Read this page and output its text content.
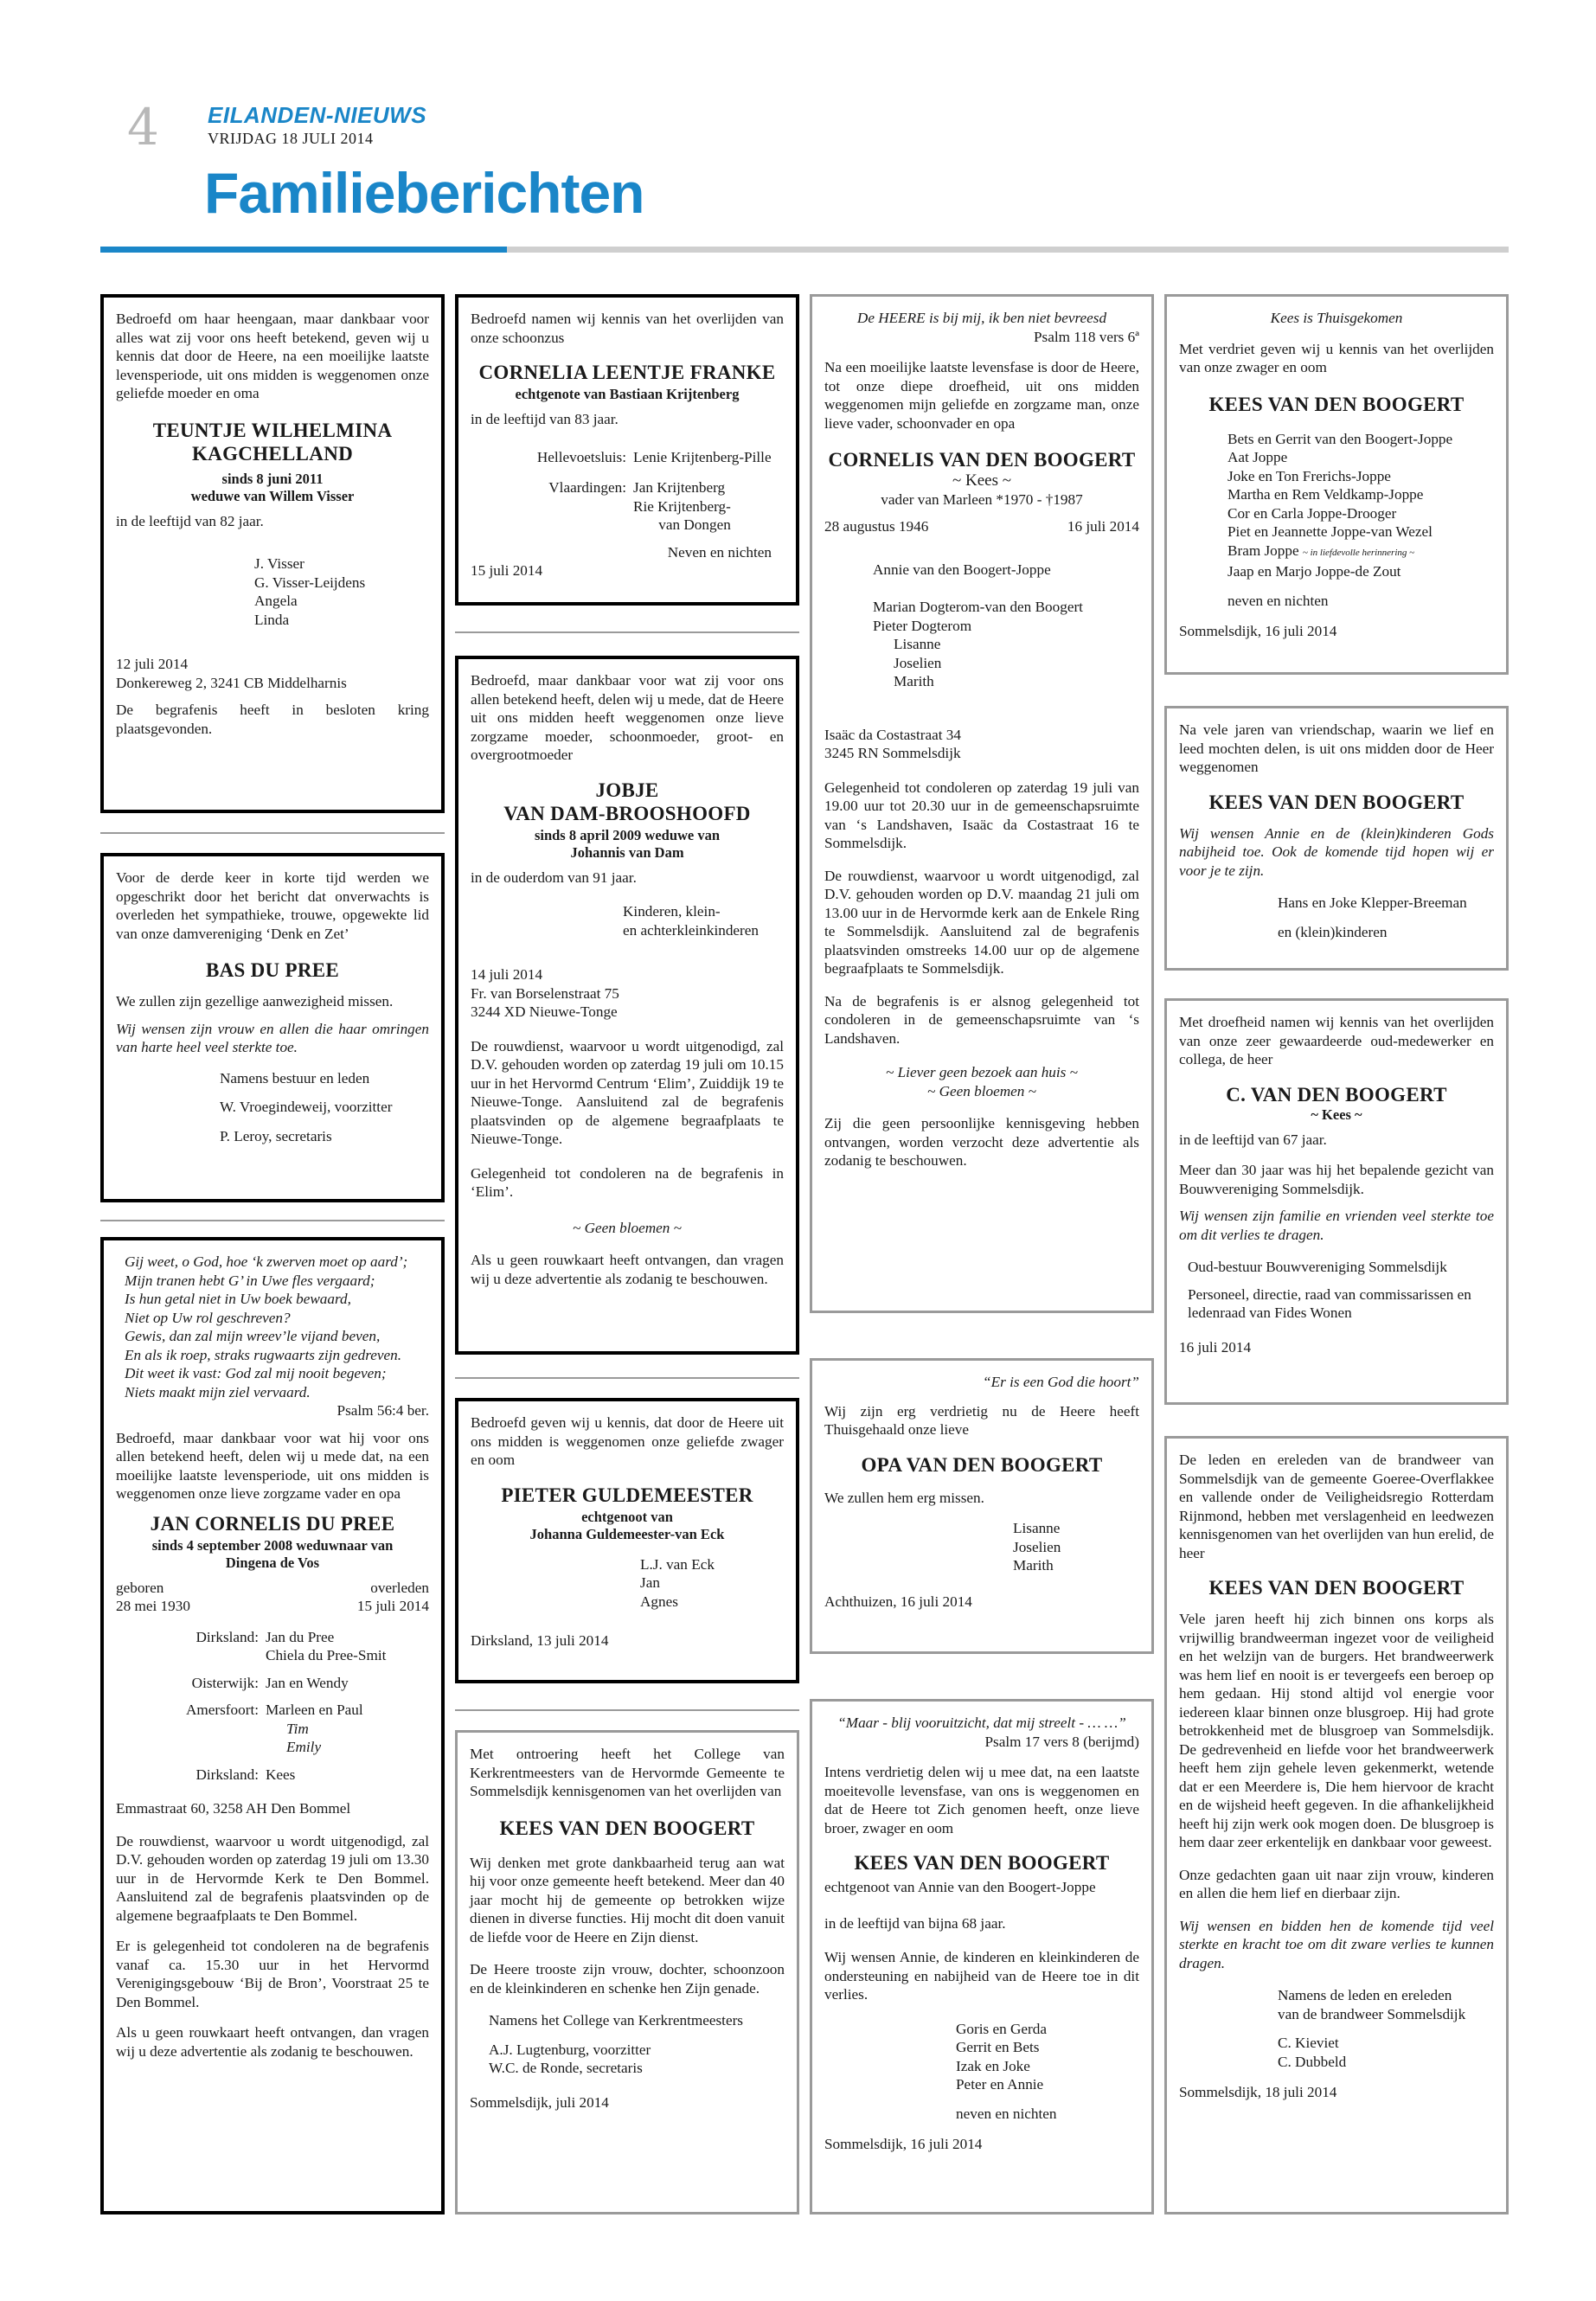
4 EILANDEN-NIEUWS
VRIJDAG 18 JULI 2014
Familieberichten

Bedroefd om haar heengaan, maar dankbaar voor alles wat zij voor ons heeft betekend, geven wij u kennis dat door de Heere, na een moeilijke laatste levensperiode, uit ons midden is weggenomen onze geliefde moeder en oma

TEUNTJE WILHELMINA
KAGCHELLAND
sinds 8 juni 2011
weduwe van Willem Visser

in de leeftijd van 82 jaar.

J. Visser
G. Visser-Leijdens
Angela
Linda
12 juli 2014

Donkereweg 2, 3241 CB Middelharnis

De begrafenis heeft in besloten kring plaatsgevonden.

Voor de derde keer in korte tijd werden we opgeschrikt door het bericht dat onverwachts is overleden het sympathieke, trouwe, opgewekte lid van onze damvereniging ‘Denk en Zet’

BAS DU PREE

We zullen zijn gezellige aanwezigheid missen.

Wij wensen zijn vrouw en allen die haar omringen van harte heel veel sterkte toe.

Namens bestuur en leden
W. Vroegindeweij, voorzitter
P. Leroy, secretaris
Gij weet, o God, hoe ‘k zwerven moet op aard’;
Mijn tranen hebt G’ in Uwe fles vergaard;
Is hun getal niet in Uw boek bewaard,
Niet op Uw rol geschreven?
Gewis, dan zal mijn wreev’le vijand beven,
En als ik roep, straks rugwaarts zijn gedreven.
Dit weet ik vast: God zal mij nooit begeven;
Niets maakt mijn ziel vervaard.

Psalm 56:4 ber.

Bedroefd, maar dankbaar voor wat hij voor ons allen betekend heeft, delen wij u mede dat, na een moeilijke laatste levensperiode, uit ons midden is weggenomen onze lieve zorgzame vader en opa

JAN CORNELIS DU PREE
sinds 4 september 2008 weduwnaar van
Dingena de Vos
geboren	overleden
28 mei 1930	15 juli 2014
Dirksland: Jan du Pree
Chiela du Pree-Smit
Oisterwijk: Jan en Wendy
Amersfoort: Marleen en Paul
Tim
Emily
Dirksland: Kees

Emmastraat 60, 3258 AH Den Bommel

De rouwdienst, waarvoor u wordt uitgenodigd, zal D.V. gehouden worden op zaterdag 19 juli om 13.30 uur in de Hervormde Kerk te Den Bommel. Aansluitend zal de begrafenis plaatsvinden op de algemene begraafplaats te Den Bommel.

Er is gelegenheid tot condoleren na de begrafenis vanaf ca. 15.30 uur in het Hervormd Verenigingsgebouw ‘Bij de Bron’, Voorstraat 25 te Den Bommel.

Als u geen rouwkaart heeft ontvangen, dan vragen wij u deze advertentie als zodanig te beschouwen.

Bedroefd namen wij kennis van het overlijden van onze schoonzus

CORNELIA LEENTJE FRANKE
echtgenote van Bastiaan Krijtenberg

in de leeftijd van 83 jaar.

Hellevoetsluis: Lenie Krijtenberg-Pille
Vlaardingen: Jan Krijtenberg
Rie Krijtenberg-
van Dongen
Neven en nichten
15 juli 2014

Bedroefd, maar dankbaar voor wat zij voor ons allen betekend heeft, delen wij u mede, dat de Heere uit ons midden heeft weggenomen onze lieve zorgzame moeder, schoonmoeder, groot- en overgrootmoeder

JOBJE
VAN DAM-BROOSHOOFD
sinds 8 april 2009 weduwe van
Johannis van Dam

in de ouderdom van 91 jaar.

Kinderen, klein-
en achterkleinkinderen
14 juli 2014
Fr. van Borselenstraat 75

3244 XD Nieuwe-Tonge

De rouwdienst, waarvoor u wordt uitgenodigd, zal D.V. gehouden worden op zaterdag 19 juli om 10.15 uur in het Hervormd Centrum ‘Elim’, Zuiddijk 19 te Nieuwe-Tonge. Aansluitend zal de begrafenis plaatsvinden op de algemene begraafplaats te Nieuwe-Tonge.

Gelegenheid tot condoleren na de begrafenis in ‘Elim’.

~ Geen bloemen ~

Als u geen rouwkaart heeft ontvangen, dan vragen wij u deze advertentie als zodanig te beschouwen.

Bedroefd geven wij u kennis, dat door de Heere uit ons midden is weggenomen onze geliefde zwager en oom

PIETER GULDEMEESTER
echtgenoot van
Johanna Guldemeester-van Eck
L.J. van Eck
Jan
Agnes
Dirksland, 13 juli 2014

Met ontroering heeft het College van Kerkrentmeesters van de Hervormde Gemeente te Sommelsdijk kennisgenomen van het overlijden van

KEES VAN DEN BOOGERT

Wij denken met grote dankbaarheid terug aan wat hij voor onze gemeente heeft betekend. Meer dan 40 jaar mocht hij de gemeente op betrokken wijze dienen in diverse functies. Hij mocht dit doen vanuit de liefde voor de Heere en Zijn dienst.

De Heere trooste zijn vrouw, dochter, schoonzoon en de kleinkinderen en schenke hen Zijn genade.

Namens het College van Kerkrentmeesters
A.J. Lugtenburg, voorzitter
W.C. de Ronde, secretaris
Sommelsdijk, juli 2014

De HEERE is bij mij, ik ben niet bevreesd

Psalm 118 vers 6ª

Na een moeilijke laatste levensfase is door de Heere, tot onze diepe droefheid, uit ons midden weggenomen mijn geliefde en zorgzame man, onze lieve vader, schoonvader en opa

CORNELIS VAN DEN BOOGERT

~ Kees ~

vader van Marleen *1970 - †1987

28 augustus 1946	16 juli 2014
Annie van den Boogert-Joppe
Marian Dogterom-van den Boogert
Pieter Dogterom
Lisanne
Joselien
Marith
Isaäc da Costastraat 34

3245 RN Sommelsdijk

Gelegenheid tot condoleren op zaterdag 19 juli van 19.00 uur tot 20.30 uur in de gemeenschapsruimte van ‘s Landshaven, Isaäc da Costastraat 16 te Sommelsdijk.

De rouwdienst, waarvoor u wordt uitgenodigd, zal D.V. gehouden worden op D.V. maandag 21 juli om 13.00 uur in de Hervormde kerk aan de Enkele Ring te Sommelsdijk. Aansluitend zal de begrafenis plaatsvinden omstreeks 14.00 uur op de algemene begraafplaats te Sommelsdijk.

Na de begrafenis is er alsnog gelegenheid tot condoleren in de gemeenschapsruimte van ‘s Landshaven.

~ Liever geen bezoek aan huis ~

~ Geen bloemen ~

Zij die geen persoonlijke kennisgeving hebben ontvangen, worden verzocht deze advertentie als zodanig te beschouwen.

“Er is een God die hoort”

Wij zijn erg verdrietig nu de Heere heeft Thuisgehaald onze lieve

OPA VAN DEN BOOGERT

We zullen hem erg missen.

Lisanne
Joselien
Marith
Achthuizen, 16 juli 2014

“Maar - blij vooruitzicht, dat mij streelt - … …”

Psalm 17 vers 8 (berijmd)

Intens verdrietig delen wij u mee dat, na een laatste moeitevolle levensfase, van ons is weggenomen en dat de Heere tot Zich genomen heeft, onze lieve broer, zwager en oom

KEES VAN DEN BOOGERT

echtgenoot van Annie van den Boogert-Joppe

in de leeftijd van bijna 68 jaar.

Wij wensen Annie, de kinderen en kleinkinderen de ondersteuning en nabijheid van de Heere toe in dit verlies.

Goris en Gerda
Gerrit en Bets
Izak en Joke
Peter en Annie
neven en nichten
Sommelsdijk, 16 juli 2014

Kees is Thuisgekomen

Met verdriet geven wij u kennis van het overlijden van onze zwager en oom

KEES VAN DEN BOOGERT
Bets en Gerrit van den Boogert-Joppe
Aat Joppe
Joke en Ton Frerichs-Joppe
Martha en Rem Veldkamp-Joppe
Cor en Carla Joppe-Drooger
Piet en Jeannette Joppe-van Wezel
Bram Joppe ~ in liefdevolle herinnering ~
Jaap en Marjo Joppe-de Zout
neven en nichten
Sommelsdijk, 16 juli 2014

Na vele jaren van vriendschap, waarin we lief en leed mochten delen, is uit ons midden door de Heer weggenomen

KEES VAN DEN BOOGERT

Wij wensen Annie en de (klein)kinderen Gods nabijheid toe. Ook de komende tijd hopen wij er voor je te zijn.

Hans en Joke Klepper-Breeman
en (klein)kinderen

Met droefheid namen wij kennis van het overlijden van onze zeer gewaardeerde oud-medewerker en collega, de heer

C. VAN DEN BOOGERT
~ Kees ~

in de leeftijd van 67 jaar.

Meer dan 30 jaar was hij het bepalende gezicht van Bouwvereniging Sommelsdijk.

Wij wensen zijn familie en vrienden veel sterkte toe om dit verlies te dragen.

Oud-bestuur Bouwvereniging Sommelsdijk

Personeel, directie, raad van commissarissen en ledenraad van Fides Wonen

16 juli 2014

De leden en ereleden van de brandweer van Sommelsdijk van de gemeente Goeree-Overflakkee en vallende onder de Veiligheidsregio Rotterdam Rijnmond, hebben met verslagenheid en leedwezen kennisgenomen van het overlijden van hun erelid, de heer

KEES VAN DEN BOOGERT

Vele jaren heeft hij zich binnen ons korps als vrijwillig brandweerman ingezet voor de veiligheid en het welzijn van de burgers. Het brandweerwerk was hem lief en nooit is er tevergeefs een beroep op hem gedaan. Hij stond altijd vol energie voor iedereen klaar binnen onze blusgroep. Hij had grote betrokkenheid met de blusgroep van Sommelsdijk. De gedrevenheid en liefde voor het brandweerwerk heeft hem zijn gehele leven gekenmerkt, wetende dat er een Meerdere is, Die hem hiervoor de kracht en de wijsheid heeft gegeven. In die afhankelijkheid heeft hij zijn werk ook mogen doen. De blusgroep is hem daar zeer erkentelijk en dankbaar voor geweest.

Onze gedachten gaan uit naar zijn vrouw, kinderen en allen die hem lief en dierbaar zijn.

Wij wensen en bidden hen de komende tijd veel sterkte en kracht toe om dit zware verlies te kunnen dragen.

Namens de leden en ereleden
van de brandweer Sommelsdijk
C. Kieviet
C. Dubbeld
Sommelsdijk, 18 juli 2014
